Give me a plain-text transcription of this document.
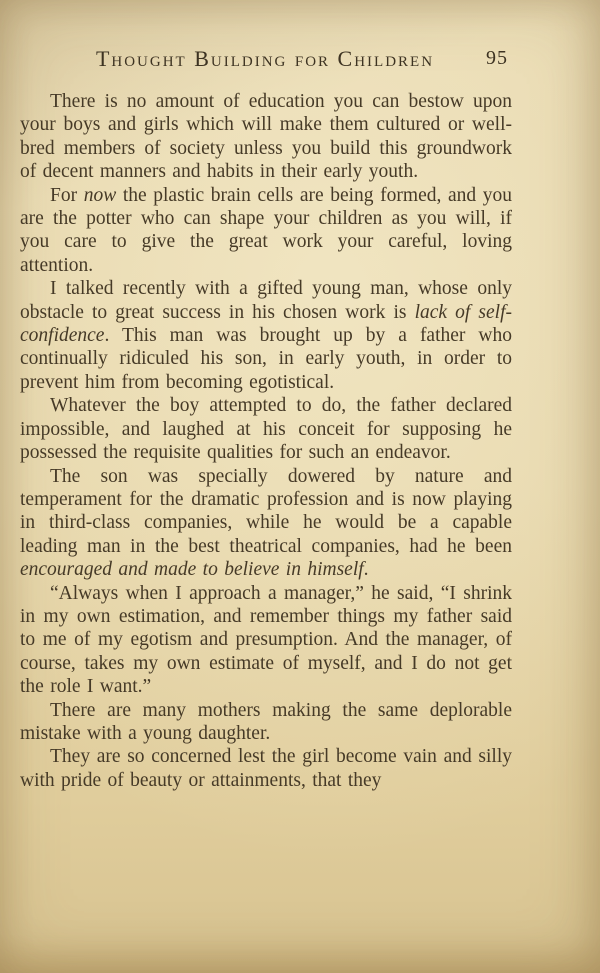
Thought Building for Children	95

There is no amount of education you can bestow upon your boys and girls which will make them cultured or well-bred members of society unless you build this groundwork of decent manners and habits in their early youth.

For now the plastic brain cells are being formed, and you are the potter who can shape your children as you will, if you care to give the great work your careful, loving attention.

I talked recently with a gifted young man, whose only obstacle to great success in his chosen work is lack of self-confidence. This man was brought up by a father who continually ridiculed his son, in early youth, in order to prevent him from becoming egotistical.

Whatever the boy attempted to do, the father declared impossible, and laughed at his conceit for supposing he possessed the requisite qualities for such an endeavor.

The son was specially dowered by nature and temperament for the dramatic profession and is now playing in third-class companies, while he would be a capable leading man in the best theatrical companies, had he been encouraged and made to believe in himself.

“Always when I approach a manager,” he said, “I shrink in my own estimation, and remember things my father said to me of my egotism and presumption. And the manager, of course, takes my own estimate of myself, and I do not get the role I want.”

There are many mothers making the same deplorable mistake with a young daughter.

They are so concerned lest the girl become vain and silly with pride of beauty or attainments, that they
